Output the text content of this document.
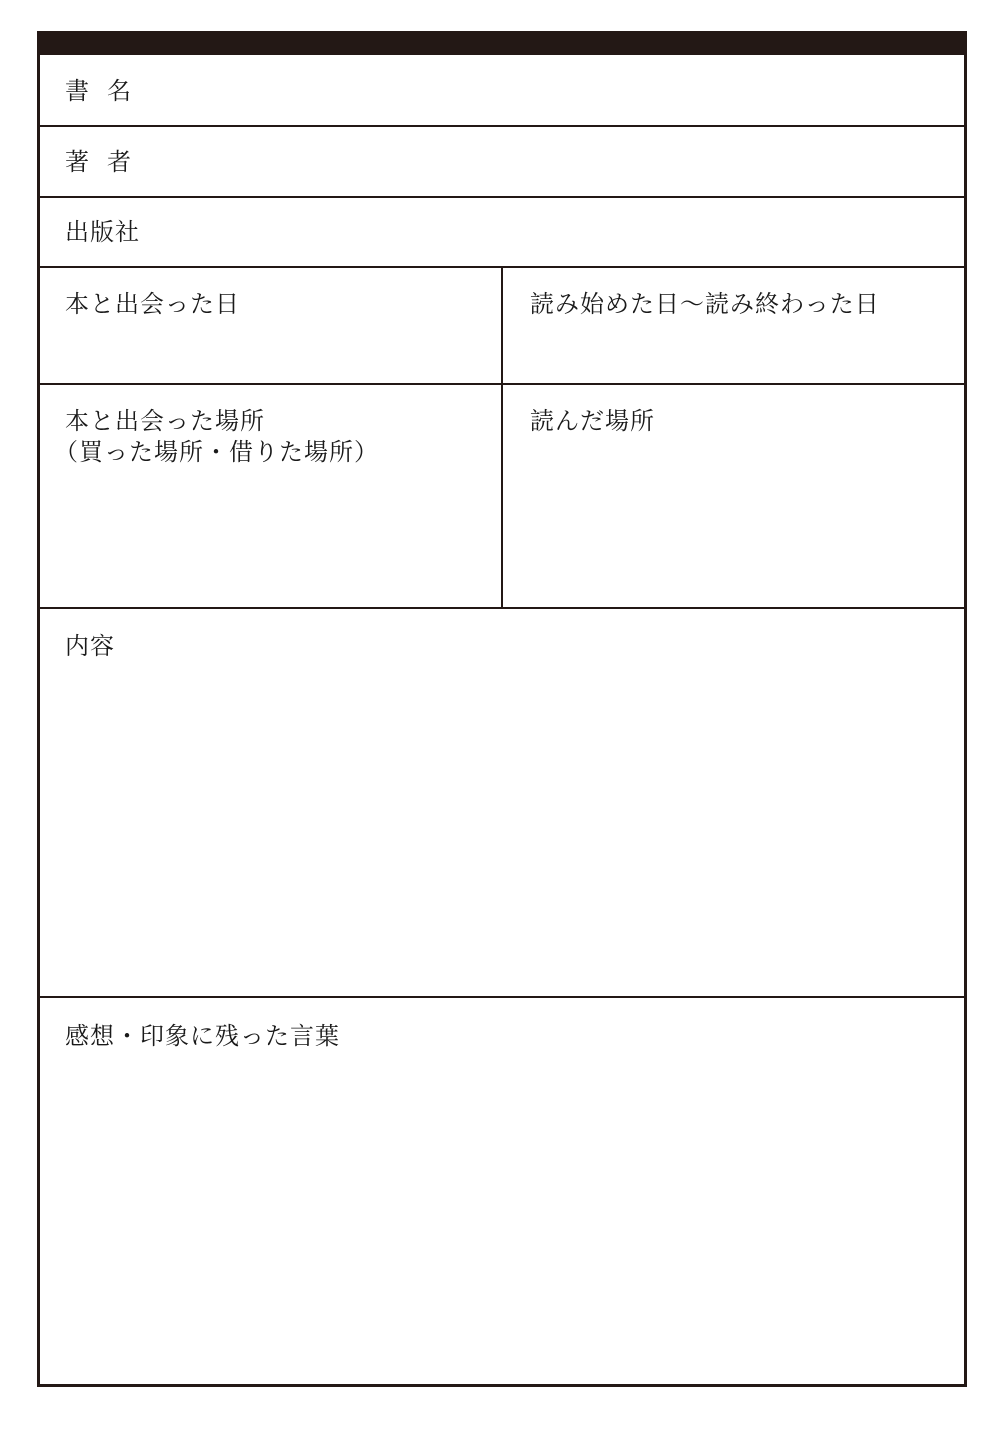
書名
著者
出版社
本と出会った日	読み始めた日～読み終わった日
本と出会った場所
（買った場所・借りた場所）
読んだ場所
内容
感想・印象に残った言葉
